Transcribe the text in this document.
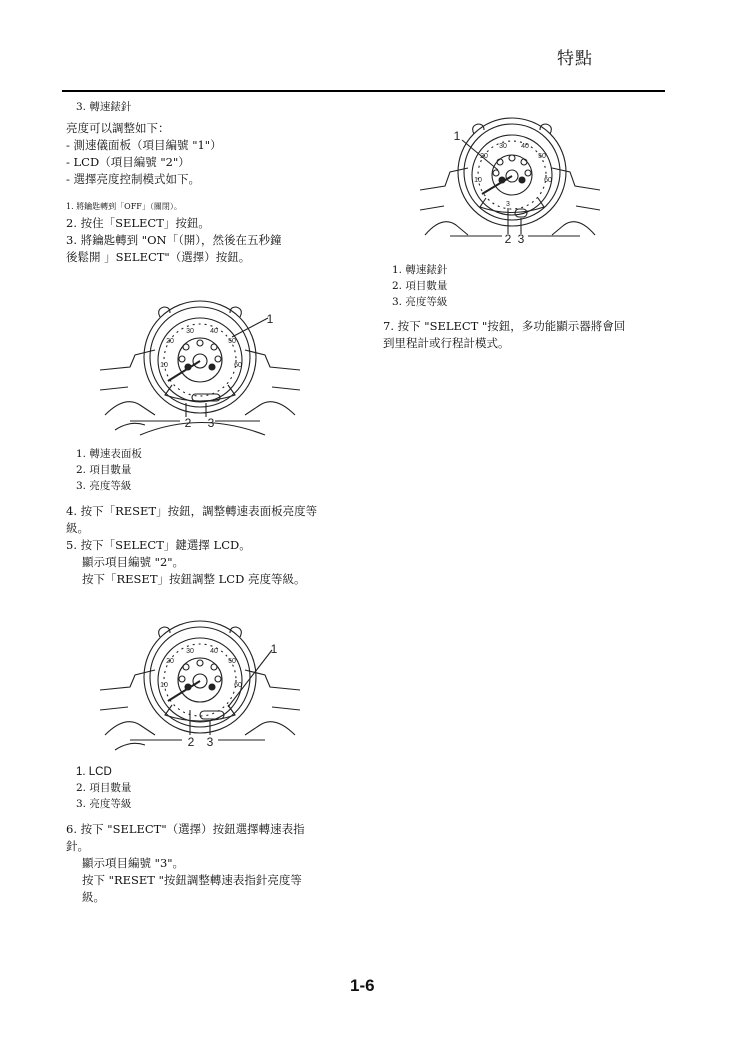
特點
3. 轉速錶針
亮度可以調整如下：
- 測速儀面板（項目編號 "1"）
- LCD（項目編號 "2"）
- 選擇亮度控制模式如下。
1. 將鑰匙轉到「OFF」（關閉）。
2. 按住「SELECT」按鈕。
3. 將鑰匙轉到 "ON「（開），然後在五秒鐘
後鬆開 」SELECT"（選擇）按鈕。
20
30 40
50
10	60
1
2 3
1. 轉速表面板
2. 項目數量
3. 亮度等級
4. 按下「RESET」按鈕，調整轉速表面板亮度等
級。
5. 按下「SELECT」鍵選擇 LCD。
顯示項目編號 "2"。
按下「RESET」按鈕調整 LCD 亮度等級。
20
30 40
50
10	60
1
2 3
1. LCD
2. 項目數量
3. 亮度等級
6. 按下 "SELECT"（選擇）按鈕選擇轉速表指
針。
顯示項目編號 "3"。
按下 "RESET "按鈕調整轉速表指針亮度等
級。
20
30 40
50
10	60
3
1
2 3
1. 轉速錶針
2. 項目數量
3. 亮度等級
7. 按下 "SELECT "按鈕，多功能顯示器將會回
到里程計或行程計模式。
1-6
